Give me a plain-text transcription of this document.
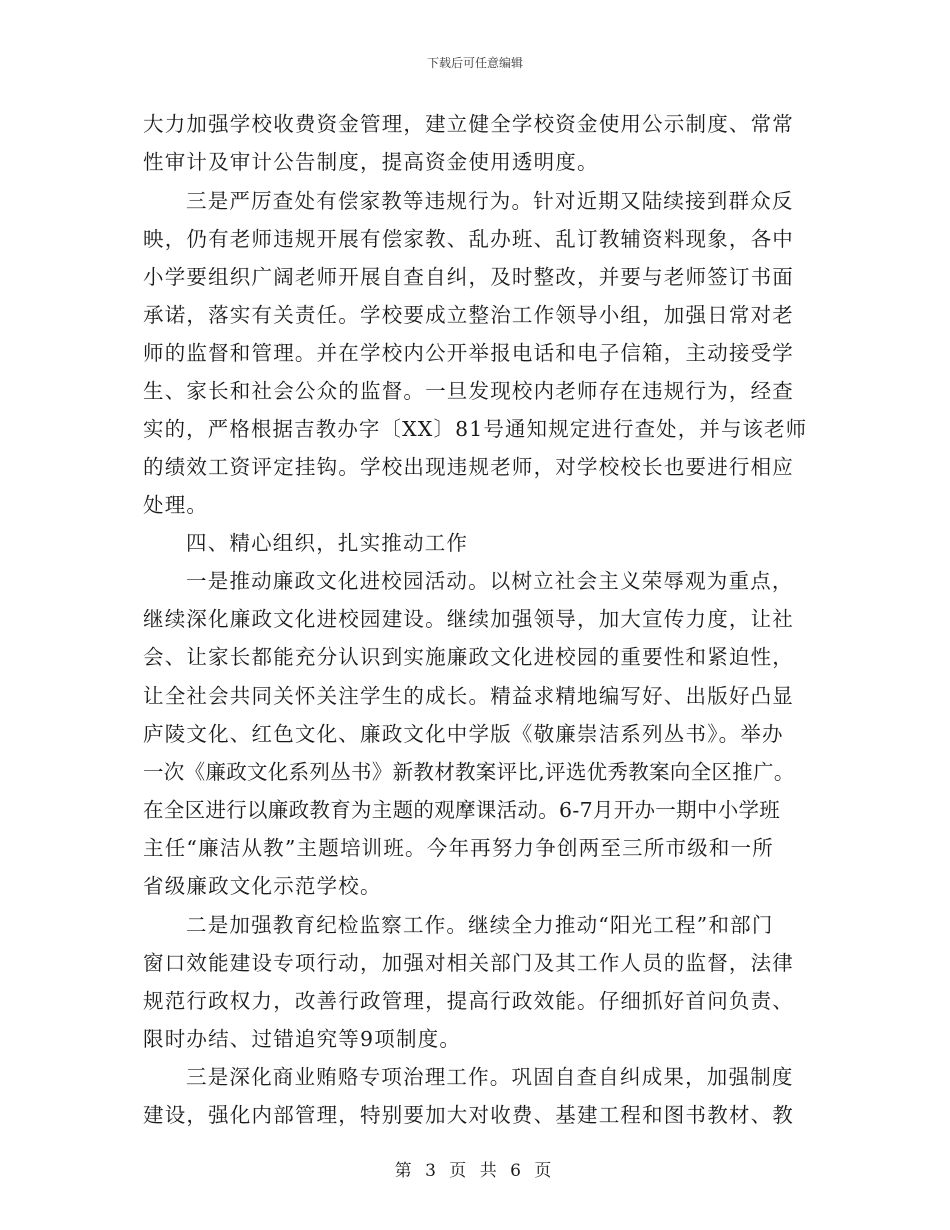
下载后可任意编辑
大力加强学校收费资金管理，建立健全学校资金使用公示制度、常常
性审计及审计公告制度，提高资金使用透明度。
三是严厉查处有偿家教等违规行为。针对近期又陆续接到群众反
映，仍有老师违规开展有偿家教、乱办班、乱订教辅资料现象，各中
小学要组织广阔老师开展自查自纠，及时整改，并要与老师签订书面
承诺，落实有关责任。学校要成立整治工作领导小组，加强日常对老
师的监督和管理。并在学校内公开举报电话和电子信箱，主动接受学
生、家长和社会公众的监督。一旦发现校内老师存在违规行为，经查
实的，严格根据吉教办字〔XX〕81号通知规定进行查处，并与该老师
的绩效工资评定挂钩。学校出现违规老师，对学校校长也要进行相应
处理。
四、精心组织，扎实推动工作
一是推动廉政文化进校园活动。以树立社会主义荣辱观为重点，
继续深化廉政文化进校园建设。继续加强领导，加大宣传力度，让社
会、让家长都能充分认识到实施廉政文化进校园的重要性和紧迫性，
让全社会共同关怀关注学生的成长。精益求精地编写好、出版好凸显
庐陵文化、红色文化、廉政文化中学版《敬廉崇洁系列丛书》。举办
一次《廉政文化系列丛书》新教材教案评比,评选优秀教案向全区推广。
在全区进行以廉政教育为主题的观摩课活动。6-7月开办一期中小学班
主任“廉洁从教”主题培训班。今年再努力争创两至三所市级和一所
省级廉政文化示范学校。
二是加强教育纪检监察工作。继续全力推动“阳光工程”和部门
窗口效能建设专项行动，加强对相关部门及其工作人员的监督，法律
规范行政权力，改善行政管理，提高行政效能。仔细抓好首问负责、
限时办结、过错追究等9项制度。
三是深化商业贿赂专项治理工作。巩固自查自纠成果，加强制度
建设，强化内部管理，特别要加大对收费、基建工程和图书教材、教
第 3 页 共 6 页
